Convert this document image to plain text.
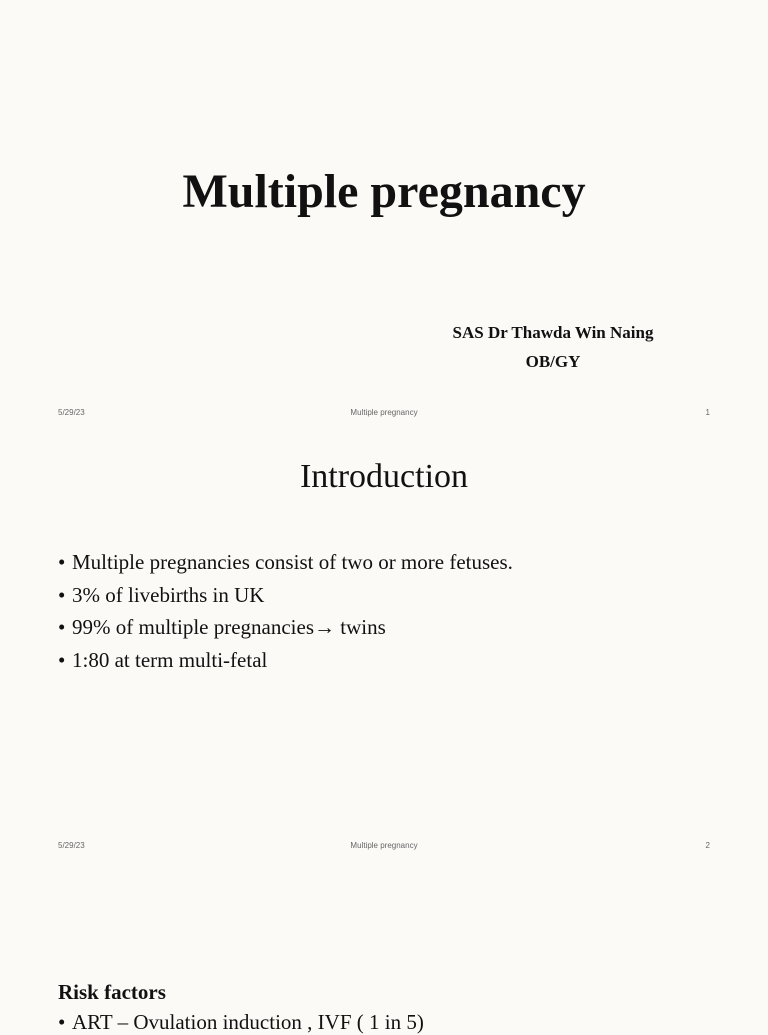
Multiple pregnancy
SAS Dr Thawda Win Naing
OB/GY
5/29/23	Multiple pregnancy	1
Introduction
• Multiple pregnancies consist of two or more fetuses.
• 3% of livebirths in UK
• 99% of multiple pregnancies→ twins
• 1:80 at term multi-fetal
5/29/23	Multiple pregnancy	2
Risk factors
• ART – Ovulation induction , IVF ( 1 in 5)
